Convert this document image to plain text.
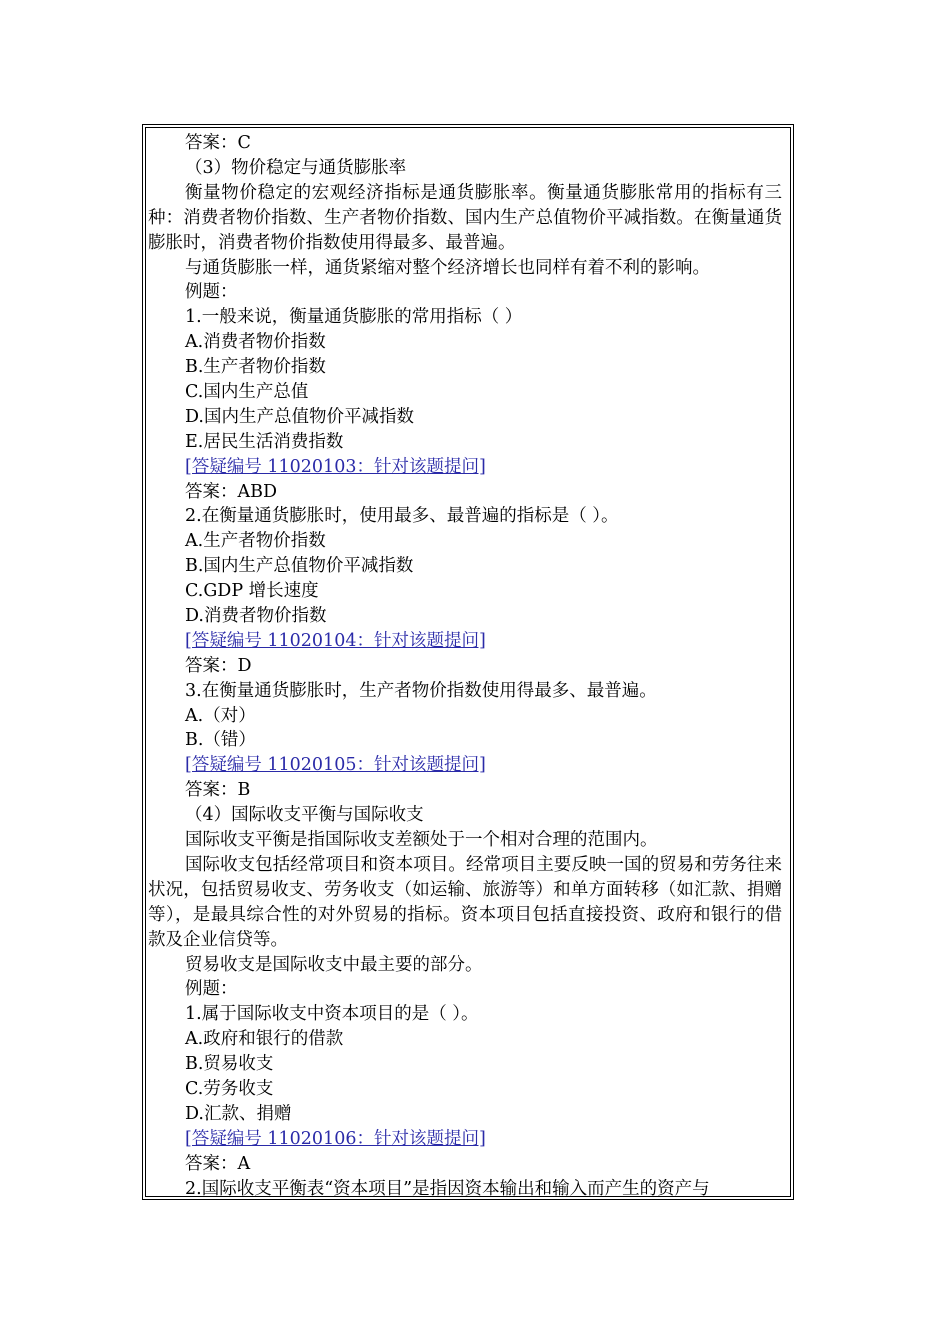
答案：C
（3）物价稳定与通货膨胀率
衡量物价稳定的宏观经济指标是通货膨胀率。衡量通货膨胀常用的指标有三种：消费者物价指数、生产者物价指数、国内生产总值物价平减指数。在衡量通货膨胀时，消费者物价指数使用得最多、最普遍。
与通货膨胀一样，通货紧缩对整个经济增长也同样有着不利的影响。
例题：
1.一般来说，衡量通货膨胀的常用指标（ ）
A.消费者物价指数
B.生产者物价指数
C.国内生产总值
D.国内生产总值物价平减指数
E.居民生活消费指数
[答疑编号 11020103：针对该题提问]
答案：ABD
2.在衡量通货膨胀时，使用最多、最普遍的指标是（ ）。
A.生产者物价指数
B.国内生产总值物价平减指数
C.GDP 增长速度
D.消费者物价指数
[答疑编号 11020104：针对该题提问]
答案：D
3.在衡量通货膨胀时，生产者物价指数使用得最多、最普遍。
A.（对）
B.（错）
[答疑编号 11020105：针对该题提问]
答案：B
（4）国际收支平衡与国际收支
国际收支平衡是指国际收支差额处于一个相对合理的范围内。
国际收支包括经常项目和资本项目。经常项目主要反映一国的贸易和劳务往来状况，包括贸易收支、劳务收支（如运输、旅游等）和单方面转移（如汇款、捐赠等），是最具综合性的对外贸易的指标。资本项目包括直接投资、政府和银行的借款及企业信贷等。
贸易收支是国际收支中最主要的部分。
例题：
1.属于国际收支中资本项目的是（ ）。
A.政府和银行的借款
B.贸易收支
C.劳务收支
D.汇款、捐赠
[答疑编号 11020106：针对该题提问]
答案：A
2.国际收支平衡表“资本项目”是指因资本输出和输入而产生的资产与
